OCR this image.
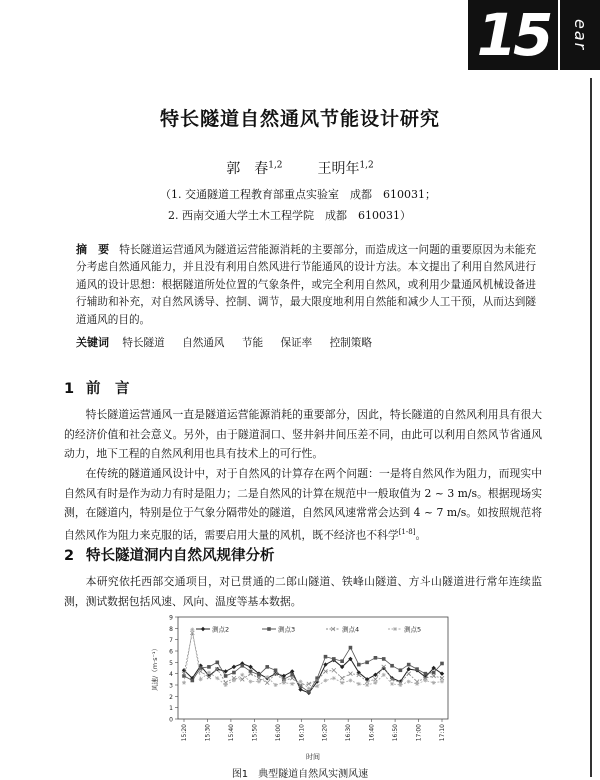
15	ear
特长隧道自然通风节能设计研究
郭　春$^{1,2}$ 王明年$^{1,2}$
（1. 交通隧道工程教育部重点实验室　成都　610031；
2. 西南交通大学土木工程学院　成都　610031）
摘　要 特长隧道运营通风为隧道运营能源消耗的主要部分，而造成这一问题的重要原因为未能充分考虑自然通风能力，并且没有利用自然风进行节能通风的设计方法。本文提出了利用自然风进行通风的设计思想：根据隧道所处位置的气象条件，或完全利用自然风，或利用少量通风机械设备进行辅助和补充，对自然风诱导、控制、调节，最大限度地利用自然能和减少人工干预，从而达到隧道通风的目的。
关键词 特长隧道 自然通风 节能 保证率 控制策略
1 前　言

特长隧道运营通风一直是隧道运营能源消耗的重要部分，因此，特长隧道的自然风利用具有很大的经济价值和社会意义。另外，由于隧道洞口、竖井斜井间压差不同，由此可以利用自然风节省通风动力，地下工程的自然风利用也具有技术上的可行性。

在传统的隧道通风设计中，对于自然风的计算存在两个问题：一是将自然风作为阻力，而现实中自然风有时是作为动力有时是阻力；二是自然风的计算在规范中一般取值为 2 ~ 3 m/s。根据现场实测，在隧道内，特别是位于气象分隔带处的隧道，自然风风速常常会达到 4 ~ 7 m/s。如按照规范将自然风作为阻力来克服的话，需要启用大量的风机，既不经济也不科学[1-8]。

2 特长隧道洞内自然风规律分析

本研究依托西部交通项目，对已贯通的二郎山隧道、铁峰山隧道、方斗山隧道进行常年连续监测，测试数据包括风速、风向、温度等基本数据。

0
1
2
3
4
5
6
7
8
9
风速/（m·s⁻¹）
15:20	15:30	15:40	15:50	16:00	16:10	16:20	16:30	16:40	16:50	17:00	17:10
时间
测点2	测点3	测点4	测点5
图1　典型隧道自然风实测风速
